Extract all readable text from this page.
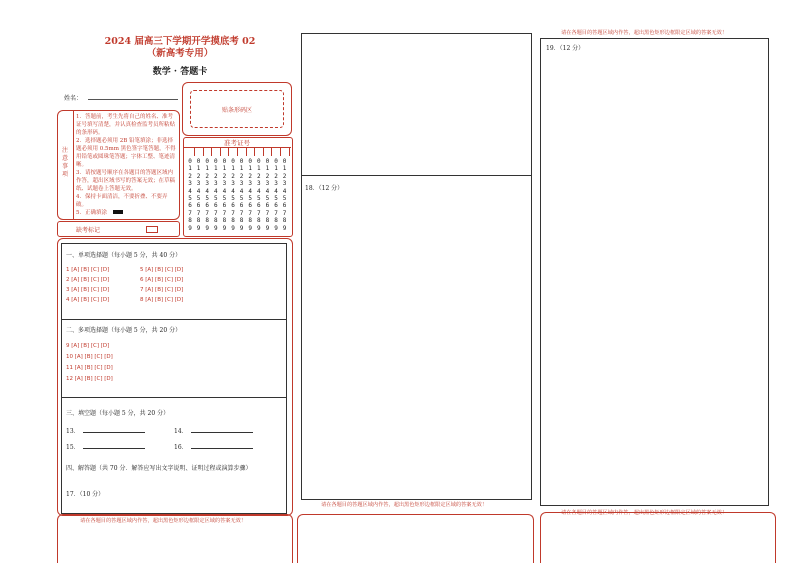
2024 届高三下学期开学摸底考 02
（新高考专用）
数学 · 答题卡
姓名：
贴条形码区
注意事项
1．答题前，考生先将自己的姓名、准考证号填写清楚，并认真检查监考员所粘贴的条形码。
2．选择题必须用 2B 铅笔填涂；非选择题必须用 0.5mm 黑色签字笔答题，不得用铅笔或圆珠笔答题；字体工整、笔迹清晰。
3．请按题号顺序在各题目的答题区域内作答，超出区域书写的答案无效；在草稿纸、试题卷上答题无效。
4．保持卡面清洁，不要折叠、不要弄破。
5．正确填涂
准考证号
0
1
2
3
4
5
6
7
8
9
0
1
2
3
4
5
6
7
8
9
0
1
2
3
4
5
6
7
8
9
0
1
2
3
4
5
6
7
8
9
0
1
2
3
4
5
6
7
8
9
0
1
2
3
4
5
6
7
8
9
0
1
2
3
4
5
6
7
8
9
0
1
2
3
4
5
6
7
8
9
0
1
2
3
4
5
6
7
8
9
0
1
2
3
4
5
6
7
8
9
0
1
2
3
4
5
6
7
8
9
0
1
2
3
4
5
6
7
8
9
缺考标记
一、单项选择题（每小题 5 分，共 40 分）
1 [A] [B] [C] [D]
2 [A] [B] [C] [D]
3 [A] [B] [C] [D]
4 [A] [B] [C] [D]
5 [A] [B] [C] [D]
6 [A] [B] [C] [D]
7 [A] [B] [C] [D]
8 [A] [B] [C] [D]
二、多项选择题（每小题 5 分，共 20 分）
9 [A] [B] [C] [D]
10 [A] [B] [C] [D]
11 [A] [B] [C] [D]
12 [A] [B] [C] [D]
三、填空题（每小题 5 分，共 20 分）
13．	14．
15．	16．
四、解答题（共 70 分．解答应写出文字说明、证明过程或演算步骤）
17．（10 分）
请在各题目的答题区域内作答，超出黑色矩形边框限定区域的答案无效！
18．（12 分）
请在各题目的答题区域内作答，超出黑色矩形边框限定区域的答案无效！
请在各题目的答题区域内作答，超出黑色矩形边框限定区域的答案无效！
19．（12 分）
请在各题目的答题区域内作答，超出黑色矩形边框限定区域的答案无效！
